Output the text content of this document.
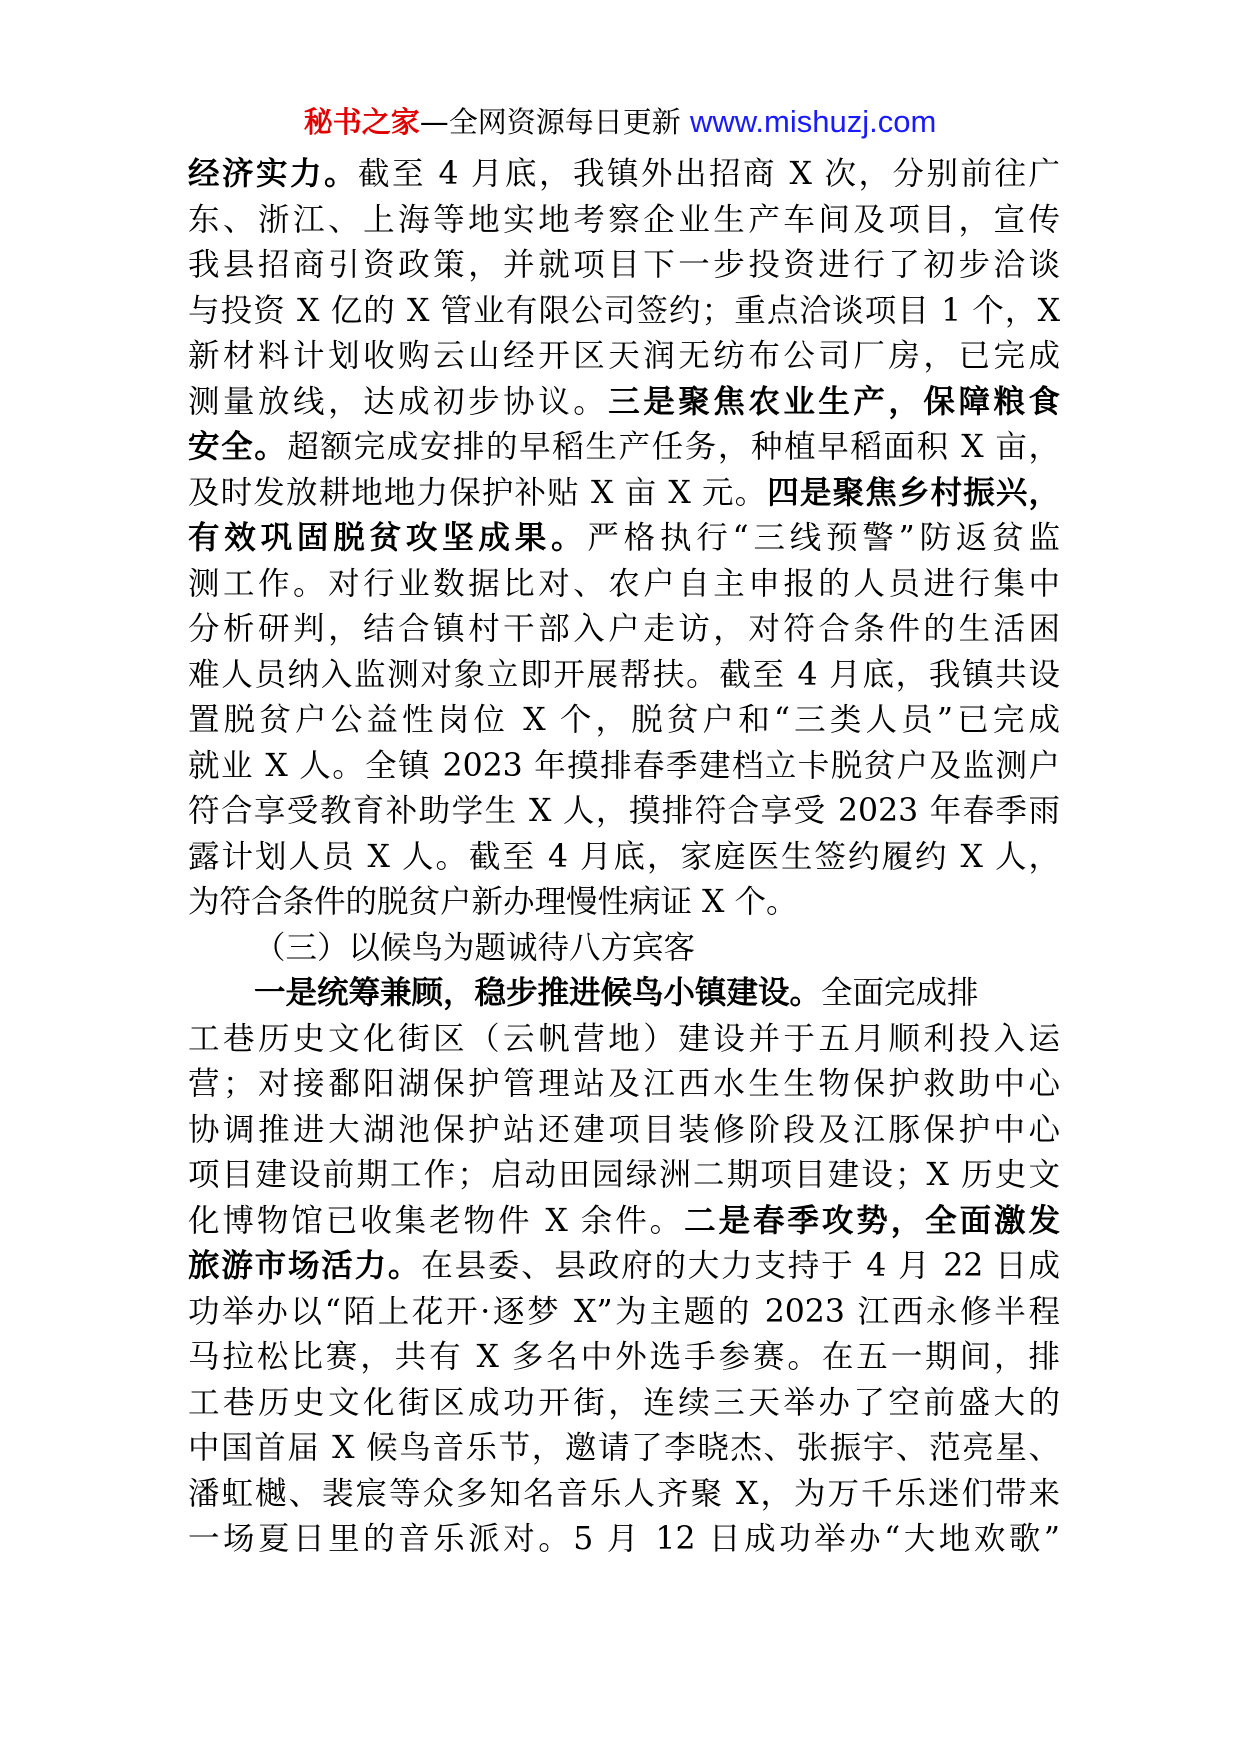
秘书之家—全网资源每日更新 www.mishuzj.com
经济实力。截至 4 月底，我镇外出招商 X 次，分别前往广
东、浙江、上海等地实地考察企业生产车间及项目，宣传
我县招商引资政策，并就项目下一步投资进行了初步洽谈
与投资 X 亿的 X 管业有限公司签约；重点洽谈项目 1 个，X
新材料计划收购云山经开区天润无纺布公司厂房，已完成
测量放线，达成初步协议。三是聚焦农业生产，保障粮食
安全。超额完成安排的早稻生产任务，种植早稻面积 X 亩，
及时发放耕地地力保护补贴 X 亩 X 元。四是聚焦乡村振兴，
有效巩固脱贫攻坚成果。严格执行“三线预警”防返贫监
测工作。对行业数据比对、农户自主申报的人员进行集中
分析研判，结合镇村干部入户走访，对符合条件的生活困
难人员纳入监测对象立即开展帮扶。截至 4 月底，我镇共设
置脱贫户公益性岗位 X 个，脱贫户和“三类人员”已完成
就业 X 人。全镇 2023 年摸排春季建档立卡脱贫户及监测户
符合享受教育补助学生 X 人，摸排符合享受 2023 年春季雨
露计划人员 X 人。截至 4 月底，家庭医生签约履约 X 人，
为符合条件的脱贫户新办理慢性病证 X 个。
（三）以候鸟为题诚待八方宾客
一是统筹兼顾，稳步推进候鸟小镇建设。全面完成排
工巷历史文化街区（云帆营地）建设并于五月顺利投入运
营；对接鄱阳湖保护管理站及江西水生生物保护救助中心
协调推进大湖池保护站还建项目装修阶段及江豚保护中心
项目建设前期工作；启动田园绿洲二期项目建设；X 历史文
化博物馆已收集老物件 X 余件。二是春季攻势，全面激发
旅游市场活力。在县委、县政府的大力支持于 4 月 22 日成
功举办以“陌上花开·逐梦 X”为主题的 2023 江西永修半程
马拉松比赛，共有 X 多名中外选手参赛。在五一期间，排
工巷历史文化街区成功开街，连续三天举办了空前盛大的
中国首届 X 候鸟音乐节，邀请了李晓杰、张振宇、范亮星、
潘虹樾、裴宸等众多知名音乐人齐聚 X，为万千乐迷们带来
一场夏日里的音乐派对。5 月 12 日成功举办“大地欢歌”
